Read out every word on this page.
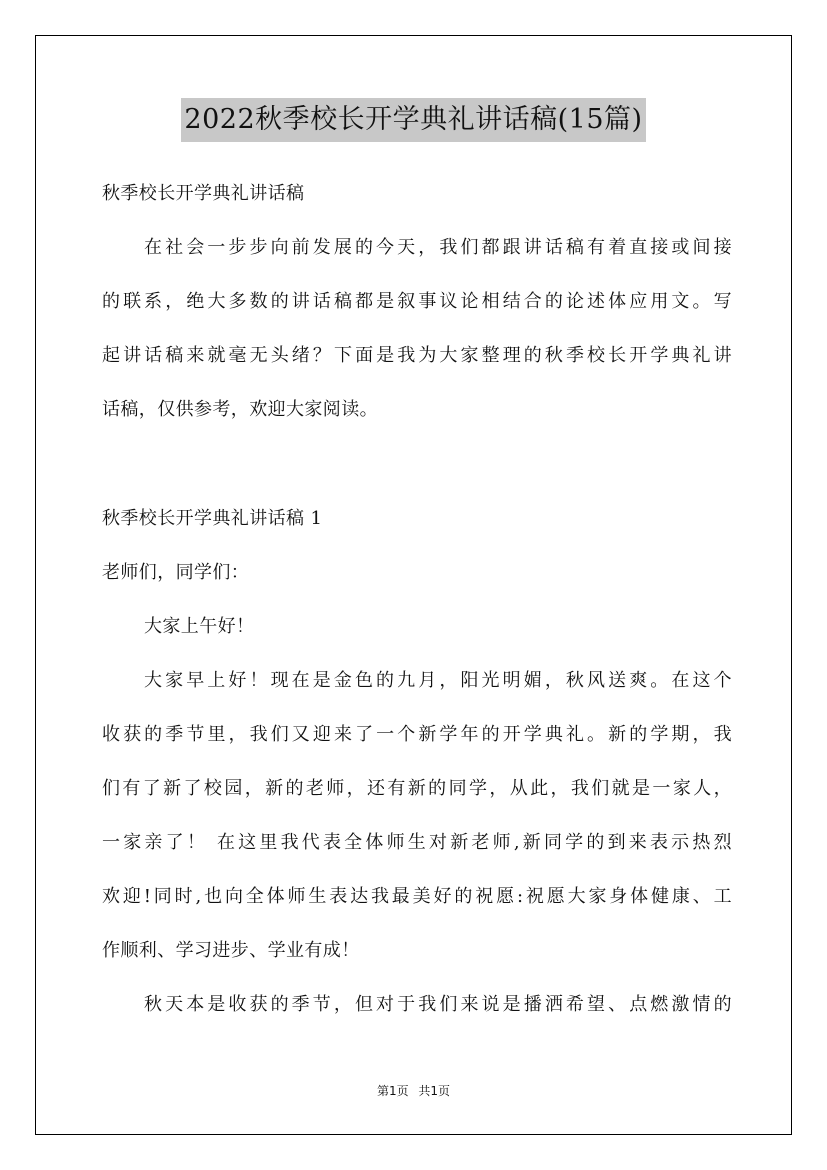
2022秋季校长开学典礼讲话稿(15篇)
秋季校长开学典礼讲话稿
在社会一步步向前发展的今天，我们都跟讲话稿有着直接或间接
的联系，绝大多数的讲话稿都是叙事议论相结合的论述体应用文。写
起讲话稿来就毫无头绪？下面是我为大家整理的秋季校长开学典礼讲
话稿，仅供参考，欢迎大家阅读。
秋季校长开学典礼讲话稿 1
老师们，同学们：
大家上午好！
大家早上好！现在是金色的九月，阳光明媚，秋风送爽。在这个
收获的季节里，我们又迎来了一个新学年的开学典礼。新的学期，我
们有了新了校园，新的老师，还有新的同学，从此，我们就是一家人，
一家亲了！ 在这里我代表全体师生对新老师,新同学的到来表示热烈
欢迎!同时,也向全体师生表达我最美好的祝愿:祝愿大家身体健康、工
作顺利、学习进步、学业有成！
秋天本是收获的季节，但对于我们来说是播洒希望、点燃激情的
第1页 共1页
